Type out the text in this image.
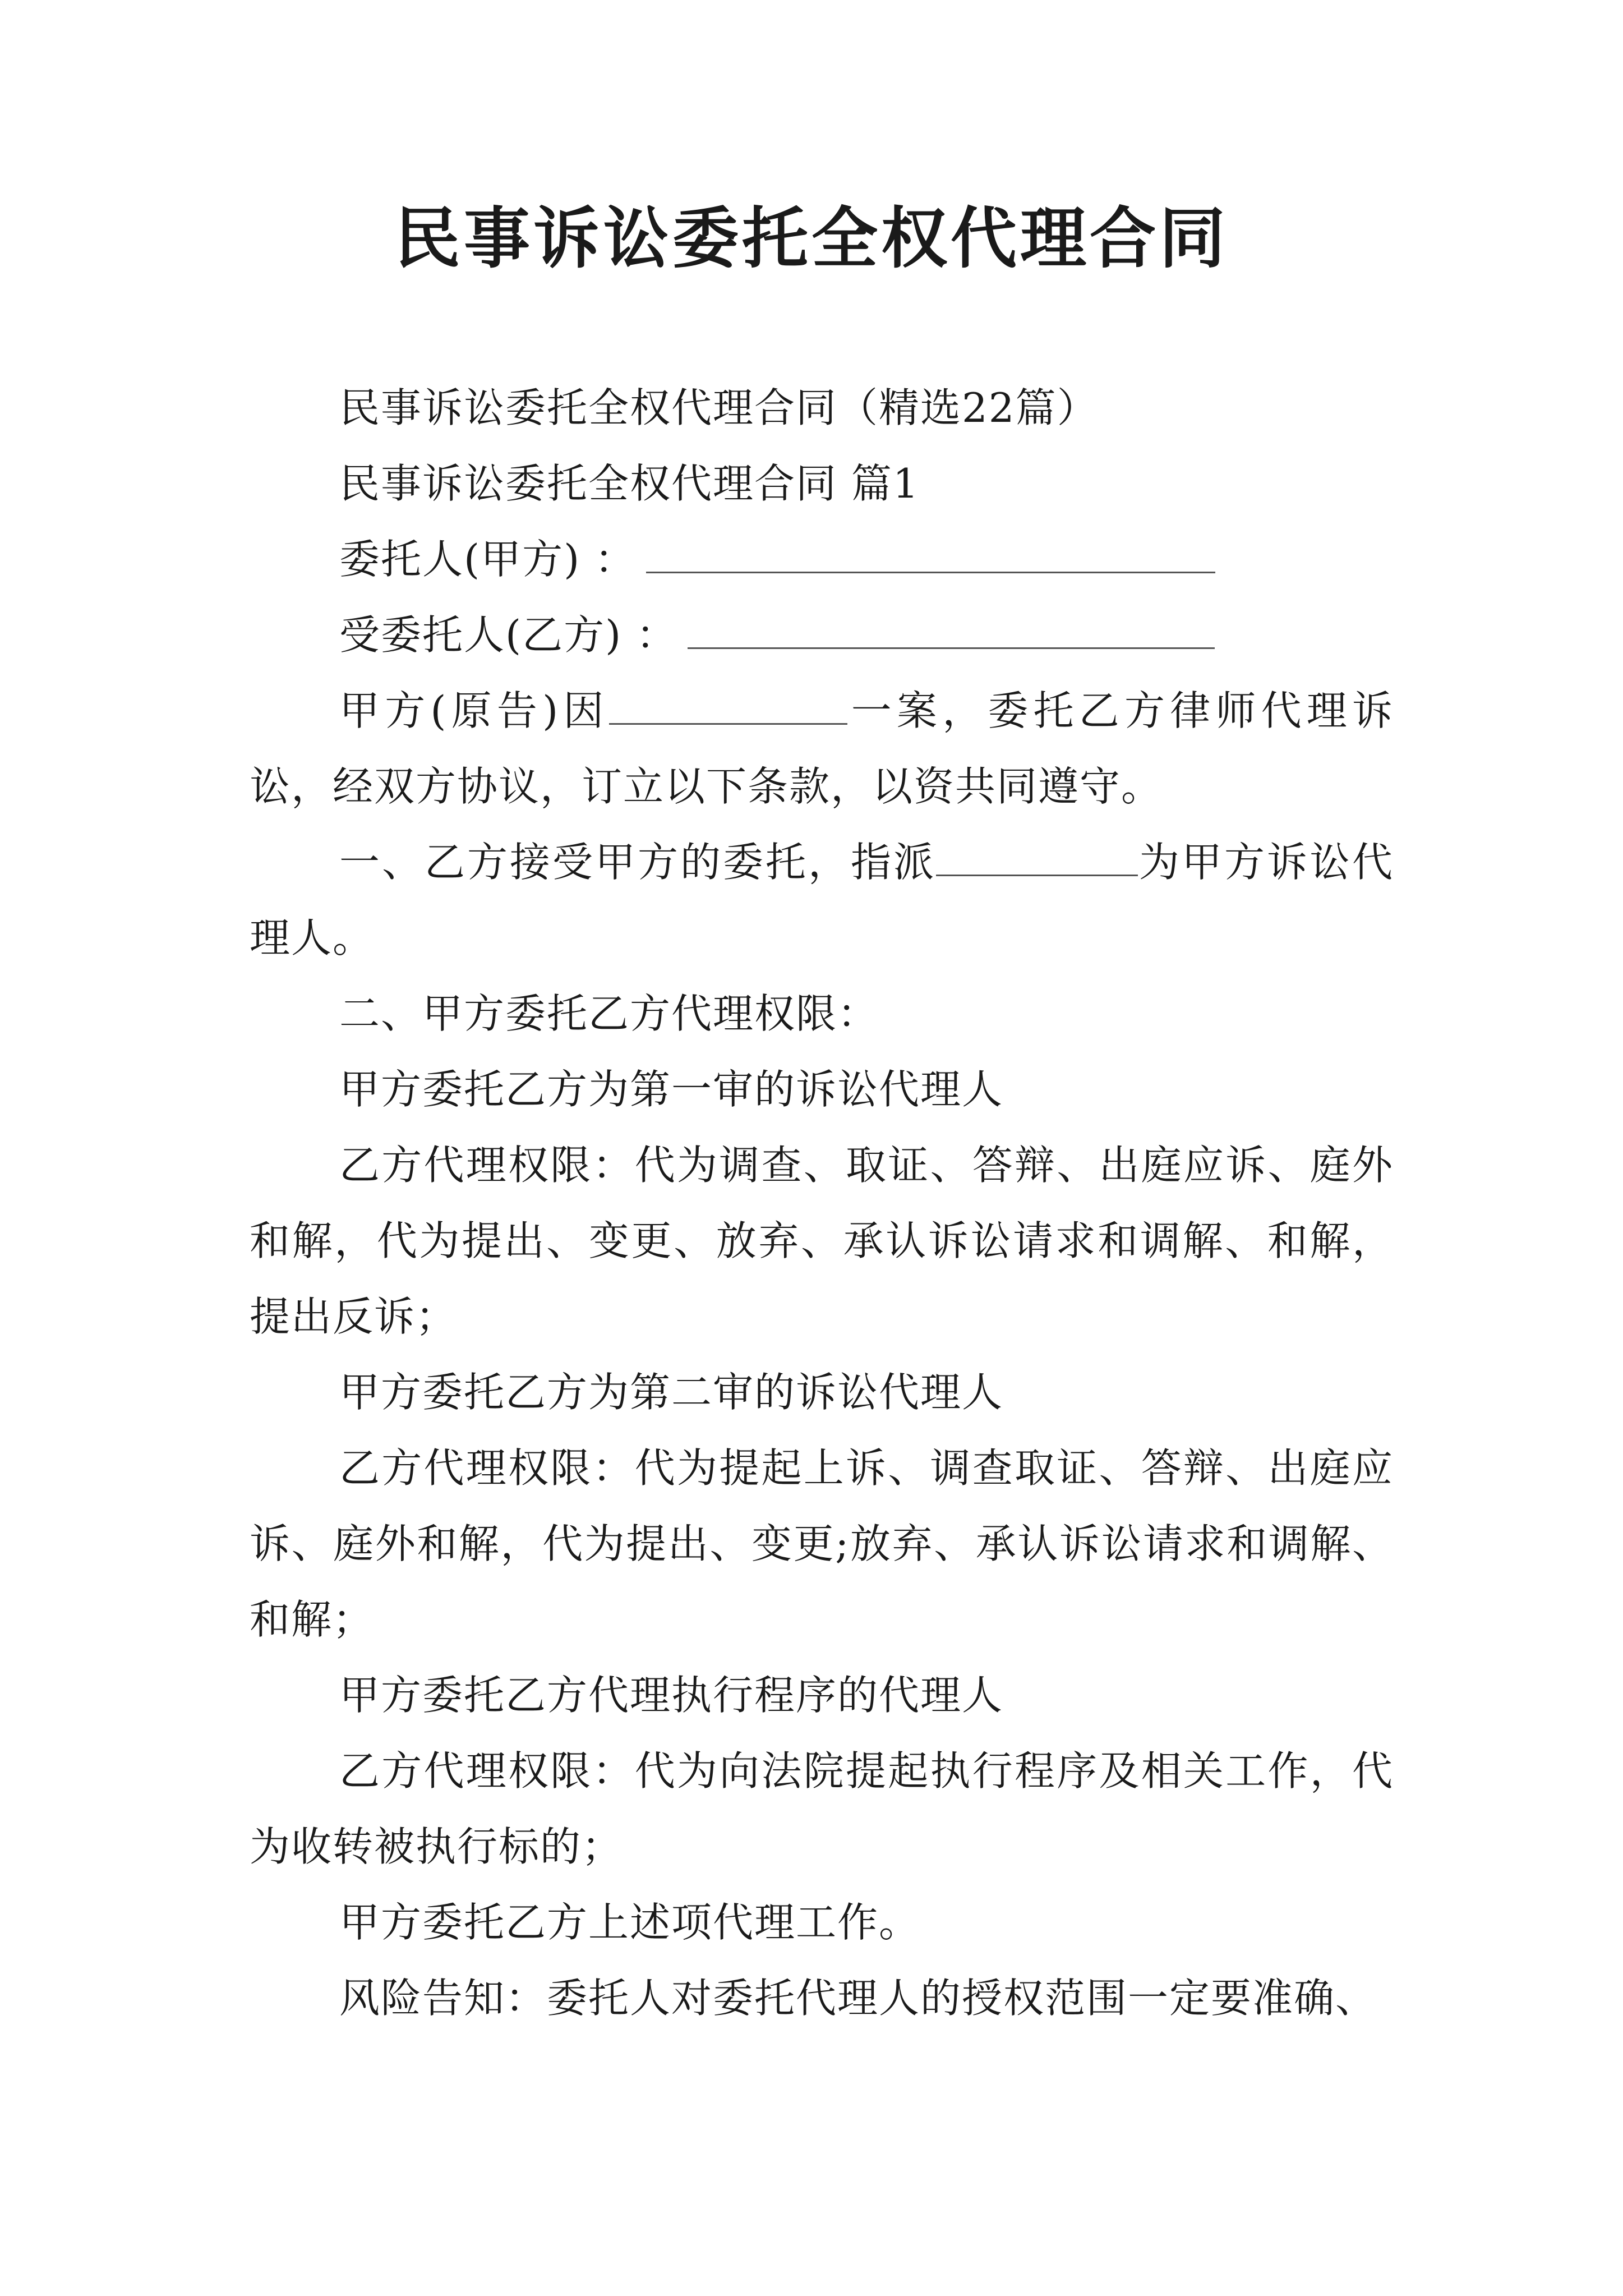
民事诉讼委托全权代理合同

民事诉讼委托全权代理合同（精选22篇）

民事诉讼委托全权代理合同 篇1

委托人(甲方) ：

受委托人(乙方) ：

甲方(原告)因	一案，委托乙方律师代理诉讼，经双方协议，订立以下条款，以资共同遵守。

一、乙方接受甲方的委托，指派	为甲方诉讼代理人。

二、甲方委托乙方代理权限：

甲方委托乙方为第一审的诉讼代理人

乙方代理权限：代为调查、取证、答辩、出庭应诉、庭外和解，代为提出、变更、放弃、承认诉讼请求和调解、和解，提出反诉；

甲方委托乙方为第二审的诉讼代理人

乙方代理权限：代为提起上诉、调查取证、答辩、出庭应诉、庭外和解，代为提出、变更;放弃、承认诉讼请求和调解、和解；

甲方委托乙方代理执行程序的代理人

乙方代理权限：代为向法院提起执行程序及相关工作，代为收转被执行标的；

甲方委托乙方上述项代理工作。

风险告知：委托人对委托代理人的授权范围一定要准确、
